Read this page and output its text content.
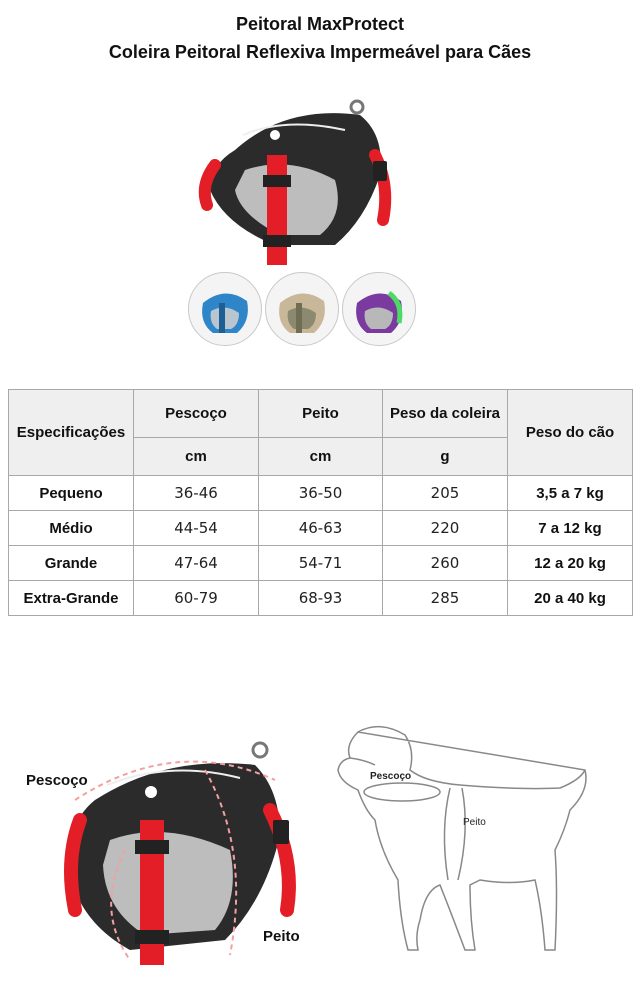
Peitoral MaxProtect
Coleira Peitoral Reflexiva Impermeável para Cães
Especificações	Pescoço	Peito	Peso da coleira	Peso do cão
	cm	cm	g	
Pequeno	36-46	36-50	205	3,5 a 7 kg
Médio	44-54	46-63	220	7 a 12 kg
Grande	47-64	54-71	260	12 a 20 kg
Extra-Grande	60-79	68-93	285	20 a 40 kg
Pescoço
Peito
Pescoço
Peito
